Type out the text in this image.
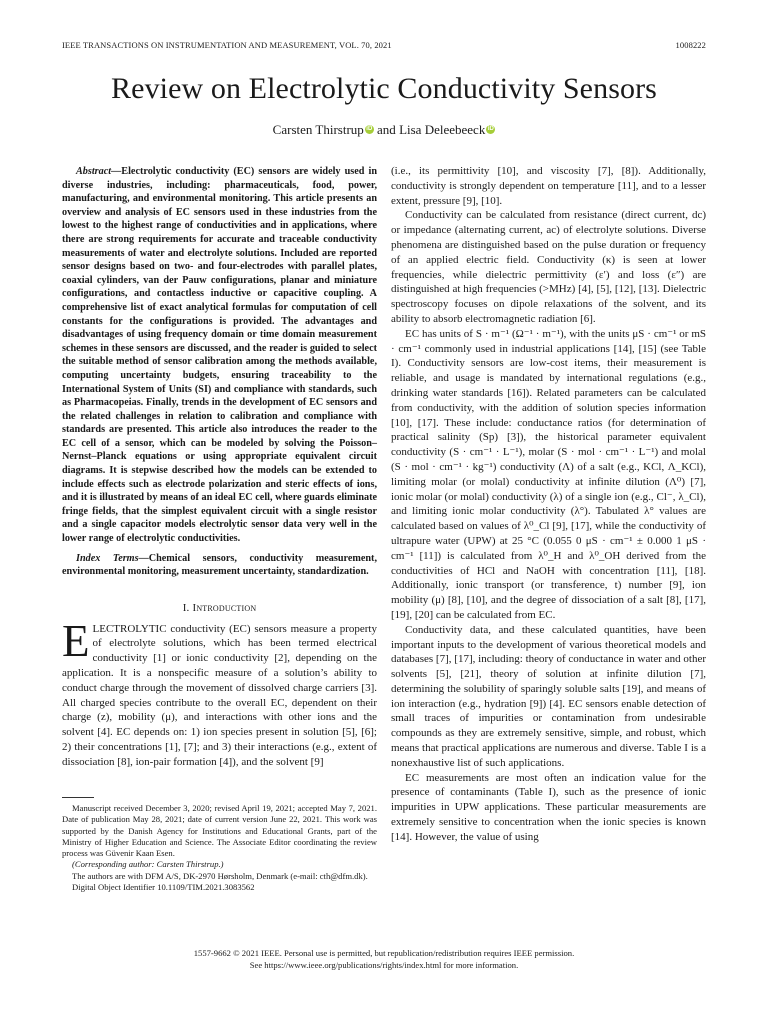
IEEE TRANSACTIONS ON INSTRUMENTATION AND MEASUREMENT, VOL. 70, 2021	1008222
Review on Electrolytic Conductivity Sensors
Carsten Thirstrup iD and Lisa Deleebeeck iD

Abstract—Electrolytic conductivity (EC) sensors are widely used in diverse industries, including: pharmaceuticals, food, power, manufacturing, and environmental monitoring. This article presents an overview and analysis of EC sensors used in these industries from the lowest to the highest range of conductivities and in applications, where there are strong requirements for accurate and traceable conductivity measurements of water and electrolyte solutions. Included are reported sensor designs based on two- and four-electrodes with parallel plates, coaxial cylinders, van der Pauw configurations, planar and miniature configurations, and contactless inductive or capacitive coupling. A comprehensive list of exact analytical formulas for computation of cell constants for the configurations is provided. The advantages and disadvantages of using frequency domain or time domain measurement schemes in these sensors are discussed, and the reader is guided to select the suitable method of sensor calibration among the methods available, computing uncertainty budgets, ensuring traceability to the International System of Units (SI) and compliance with standards, such as Pharmacopeias. Finally, trends in the development of EC sensors and the related challenges in relation to calibration and compliance with standards are presented. This article also introduces the reader to the EC cell of a sensor, which can be modeled by solving the Poisson–Nernst–Planck equations or using appropriate equivalent circuit diagrams. It is stepwise described how the models can be extended to include effects such as electrode polarization and steric effects of ions, and it is illustrated by means of an ideal EC cell, where guards eliminate fringe fields, that the simplest equivalent circuit with a single resistor and a single capacitor models electrolytic sensor data very well in the lower range of electrolytic conductivities.

Index Terms—Chemical sensors, conductivity measurement, environmental monitoring, measurement uncertainty, standardization.

I. Introduction

ELECTROLYTIC conductivity (EC) sensors measure a property of electrolyte solutions, which has been termed electrical conductivity [1] or ionic conductivity [2], depending on the application. It is a nonspecific measure of a solution’s ability to conduct charge through the movement of dissolved charge carriers [3]. All charged species contribute to the overall EC, dependent on their charge (z), mobility (μ), and interactions with other ions and the solvent [4]. EC depends on: 1) ion species present in solution [5], [6]; 2) their concentrations [1], [7]; and 3) their interactions (e.g., extent of dissociation [8], ion-pair formation [4]), and the solvent [9]

Manuscript received December 3, 2020; revised April 19, 2021; accepted May 7, 2021. Date of publication May 28, 2021; date of current version June 22, 2021. This work was supported by the Danish Agency for Institutions and Educational Grants, part of the Ministry of Higher Education and Science. The Associate Editor coordinating the review process was Güvenir Kaan Esen.

(Corresponding author: Carsten Thirstrup.)

The authors are with DFM A/S, DK-2970 Hørsholm, Denmark (e-mail: cth@dfm.dk).

Digital Object Identifier 10.1109/TIM.2021.3083562

(i.e., its permittivity [10], and viscosity [7], [8]). Additionally, conductivity is strongly dependent on temperature [11], and to a lesser extent, pressure [9], [10].

Conductivity can be calculated from resistance (direct current, dc) or impedance (alternating current, ac) of electrolyte solutions. Diverse phenomena are distinguished based on the pulse duration or frequency of an applied electric field. Conductivity (κ) is seen at lower frequencies, while dielectric permittivity (ε′) and loss (ε″) are distinguished at high frequencies (>MHz) [4], [5], [12], [13]. Dielectric spectroscopy focuses on dipole relaxations of the solvent, and its ability to absorb electromagnetic radiation [6].

EC has units of S · m⁻¹ (Ω⁻¹ · m⁻¹), with the units μS · cm⁻¹ or mS · cm⁻¹ commonly used in industrial applications [14], [15] (see Table I). Conductivity sensors are low-cost items, their measurement is reliable, and usage is mandated by international regulations (e.g., drinking water standards [16]). Related parameters can be calculated from conductivity, with the addition of solution species information [10], [17]. These include: conductance ratios (for determination of practical salinity (Sp) [3]), the historical parameter equivalent conductivity (S · cm⁻¹ · L⁻¹), molar (S · mol · cm⁻¹ · L⁻¹) and molal (S · mol · cm⁻¹ · kg⁻¹) conductivity (Λ) of a salt (e.g., KCl, Λ_KCl), limiting molar (or molal) conductivity at infinite dilution (Λ⁰) [7], ionic molar (or molal) conductivity (λ) of a single ion (e.g., Cl⁻, λ_Cl), and limiting ionic molar conductivity (λ°). Tabulated λ° values are calculated based on values of λ⁰_Cl [9], [17], while the conductivity of ultrapure water (UPW) at 25 °C (0.055 0 μS · cm⁻¹ ± 0.000 1 μS · cm⁻¹ [11]) is calculated from λ⁰_H and λ⁰_OH derived from the conductivities of HCl and NaOH with concentration [11], [18]. Additionally, ionic transport (or transference, t) number [9], ion mobility (μ) [8], [10], and the degree of dissociation of a salt [8], [17], [19], [20] can be calculated from EC.

Conductivity data, and these calculated quantities, have been important inputs to the development of various theoretical models and databases [7], [17], including: theory of conductance in water and other solvents [5], [21], theory of solution at infinite dilution [7], determining the solubility of sparingly soluble salts [19], and means of ion interaction (e.g., hydration [9]) [4]. EC sensors enable detection of small traces of impurities or contamination from undesirable compounds as they are extremely sensitive, simple, and robust, which means that practical applications are numerous and diverse. Table I is a nonexhaustive list of such applications.

EC measurements are most often an indication value for the presence of contaminants (Table I), such as the presence of ionic impurities in UPW applications. These particular measurements are extremely sensitive to concentration when the ionic species is known [14]. However, the value of using

1557-9662 © 2021 IEEE. Personal use is permitted, but republication/redistribution requires IEEE permission.
See https://www.ieee.org/publications/rights/index.html for more information.
